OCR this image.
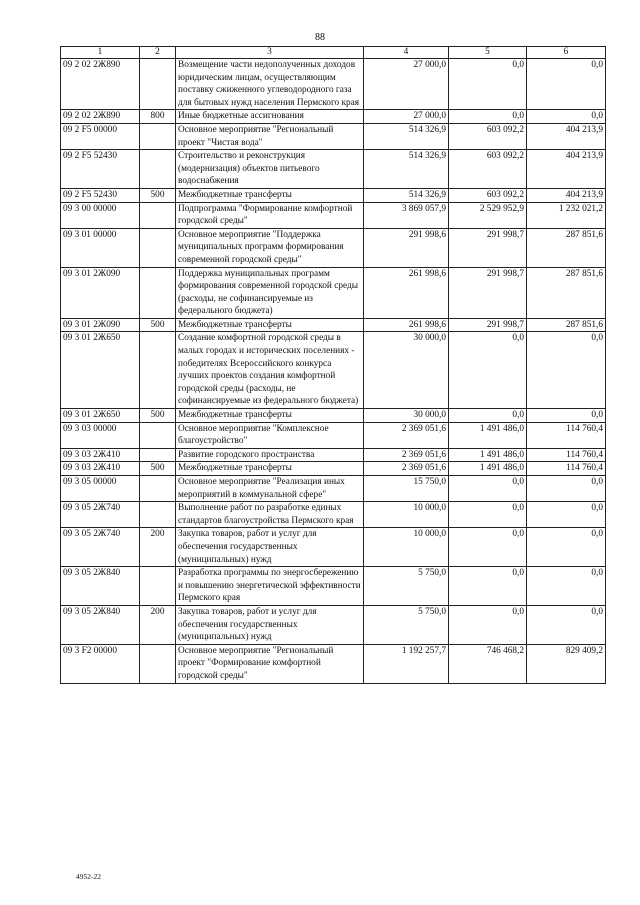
88
1	2	3	4	5	6
09 2 02 2Ж890		Возмещение части недополученных доходов юридическим лицам, осуществляющим поставку сжиженного углеводородного газа для бытовых нужд населения Пермского края	27 000,0	0,0	0,0
09 2 02 2Ж890	800	Иные бюджетные ассигнования	27 000,0	0,0	0,0
09 2 F5 00000		Основное мероприятие "Региональный проект "Чистая вода"	514 326,9	603 092,2	404 213,9
09 2 F5 52430		Строительство и реконструкция (модернизация) объектов питьевого водоснабжения	514 326,9	603 092,2	404 213,9
09 2 F5 52430	500	Межбюджетные трансферты	514 326,9	603 092,2	404 213,9
09 3 00 00000		Подпрограмма "Формирование комфортной городской среды"	3 869 057,9	2 529 952,9	1 232 021,2
09 3 01 00000		Основное мероприятие "Поддержка муниципальных программ формирования современной городской среды"	291 998,6	291 998,7	287 851,6
09 3 01 2Ж090		Поддержка муниципальных программ формирования современной городской среды (расходы, не софинансируемые из федерального бюджета)	261 998,6	291 998,7	287 851,6
09 3 01 2Ж090	500	Межбюджетные трансферты	261 998,6	291 998,7	287 851,6
09 3 01 2Ж650		Создание комфортной городской среды в малых городах и исторических поселениях - победителях Всероссийского конкурса лучших проектов создания комфортной городской среды (расходы, не софинансируемые из федерального бюджета)	30 000,0	0,0	0,0
09 3 01 2Ж650	500	Межбюджетные трансферты	30 000,0	0,0	0,0
09 3 03 00000		Основное мероприятие "Комплексное благоустройство"	2 369 051,6	1 491 486,0	114 760,4
09 3 03 2Ж410		Развитие городского пространства	2 369 051,6	1 491 486,0	114 760,4
09 3 03 2Ж410	500	Межбюджетные трансферты	2 369 051,6	1 491 486,0	114 760,4
09 3 05 00000		Основное мероприятие "Реализация иных мероприятий в коммунальной сфере"	15 750,0	0,0	0,0
09 3 05 2Ж740		Выполнение работ по разработке единых стандартов благоустройства Пермского края	10 000,0	0,0	0,0
09 3 05 2Ж740	200	Закупка товаров, работ и услуг для обеспечения государственных (муниципальных) нужд	10 000,0	0,0	0,0
09 3 05 2Ж840		Разработка программы по энергосбережению и повышению энергетической эффективности Пермского края	5 750,0	0,0	0,0
09 3 05 2Ж840	200	Закупка товаров, работ и услуг для обеспечения государственных (муниципальных) нужд	5 750,0	0,0	0,0
09 3 F2 00000		Основное мероприятие "Региональный проект "Формирование комфортной городской среды"	1 192 257,7	746 468,2	829 409,2
4952-22
